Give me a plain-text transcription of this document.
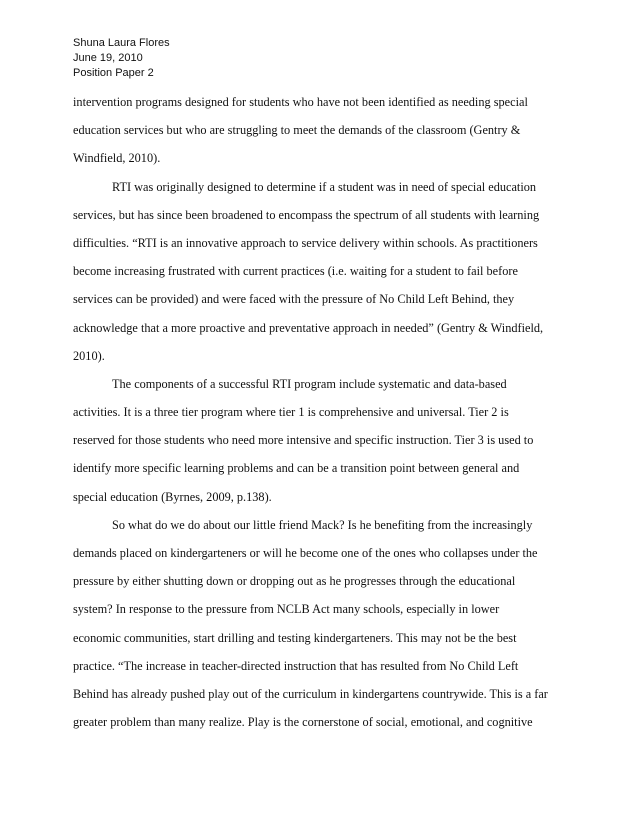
Shuna Laura Flores
June 19, 2010
Position Paper 2
intervention programs designed for students who have not been identified as needing special
education services but who are struggling to meet the demands of the classroom (Gentry &
Windfield, 2010).
RTI was originally designed to determine if a student was in need of special education
services, but has since been broadened to encompass the spectrum of all students with learning
difficulties. “RTI is an innovative approach to service delivery within schools. As practitioners
become increasing frustrated with current practices (i.e. waiting for a student to fail before
services can be provided) and were faced with the pressure of No Child Left Behind, they
acknowledge that a more proactive and preventative approach in needed” (Gentry & Windfield,
2010).
The components of a successful RTI program include systematic and data-based
activities. It is a three tier program where tier 1 is comprehensive and universal. Tier 2 is
reserved for those students who need more intensive and specific instruction. Tier 3 is used to
identify more specific learning problems and can be a transition point between general and
special education (Byrnes, 2009, p.138).
So what do we do about our little friend Mack? Is he benefiting from the increasingly
demands placed on kindergarteners or will he become one of the ones who collapses under the
pressure by either shutting down or dropping out as he progresses through the educational
system? In response to the pressure from NCLB Act many schools, especially in lower
economic communities, start drilling and testing kindergarteners. This may not be the best
practice. “The increase in teacher-directed instruction that has resulted from No Child Left
Behind has already pushed play out of the curriculum in kindergartens countrywide. This is a far
greater problem than many realize. Play is the cornerstone of social, emotional, and cognitive
